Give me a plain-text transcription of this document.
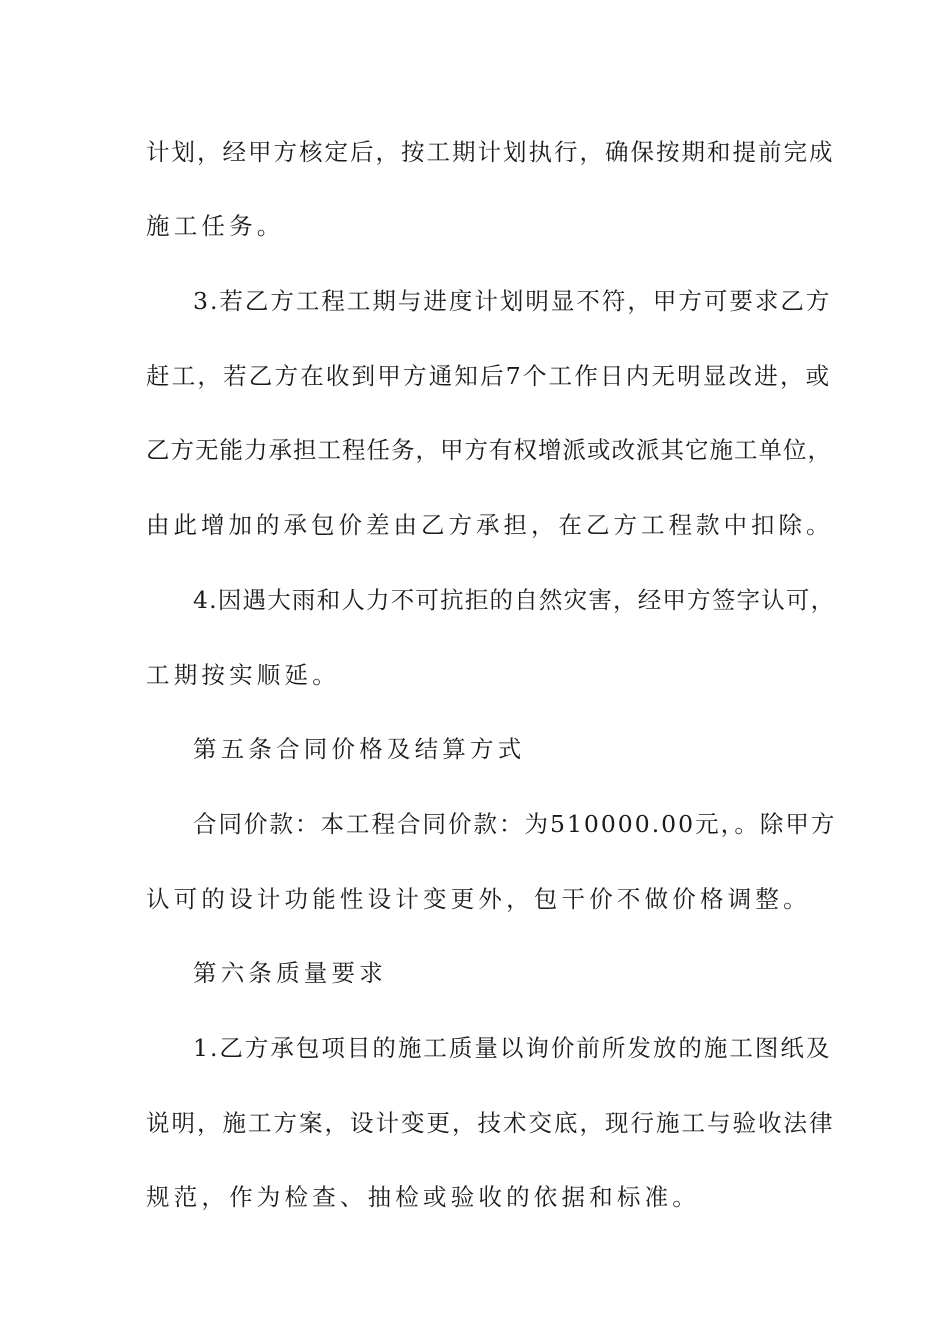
计划，经甲方核定后，按工期计划执行，确保按期和提前完成
施工任务。
3.若乙方工程工期与进度计划明显不符，甲方可要求乙方
赶工，若乙方在收到甲方通知后7个工作日内无明显改进，或
乙方无能力承担工程任务，甲方有权增派或改派其它施工单位，
由此增加的承包价差由乙方承担，在乙方工程款中扣除。
4.因遇大雨和人力不可抗拒的自然灾害，经甲方签字认可，
工期按实顺延。
第五条合同价格及结算方式
合同价款：本工程合同价款：为510000.00元，。除甲方
认可的设计功能性设计变更外，包干价不做价格调整。
第六条质量要求
1.乙方承包项目的施工质量以询价前所发放的施工图纸及
说明，施工方案，设计变更，技术交底，现行施工与验收法律
规范，作为检查、抽检或验收的依据和标准。
